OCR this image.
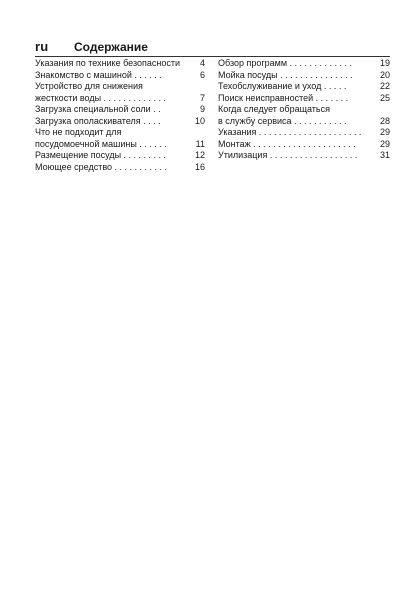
ru Содержание
Указания по технике безопасности	4
Знакомство с машиной . . . . . .	6
Устройство для снижения
жесткости воды . . . . . . . . . . . . .	7
Загрузка специальной соли . .	9
Загрузка ополаскивателя . . . .	10
Что не подходит для
посудомоечной машины . . . . . .	11
Размещение посуды . . . . . . . . .	12
Моющее средство . . . . . . . . . . .	16
Обзор программ . . . . . . . . . . . . .	19
Мойка посуды . . . . . . . . . . . . . . .	20
Техобслуживание и уход . . . . .	22
Поиск неисправностей . . . . . . .	25
Когда следует обращаться
в службу сервиса . . . . . . . . . . .	28
Указания . . . . . . . . . . . . . . . . . . . . .	29
Монтаж . . . . . . . . . . . . . . . . . . . . .	29
Утилизация . . . . . . . . . . . . . . . . . .	31
